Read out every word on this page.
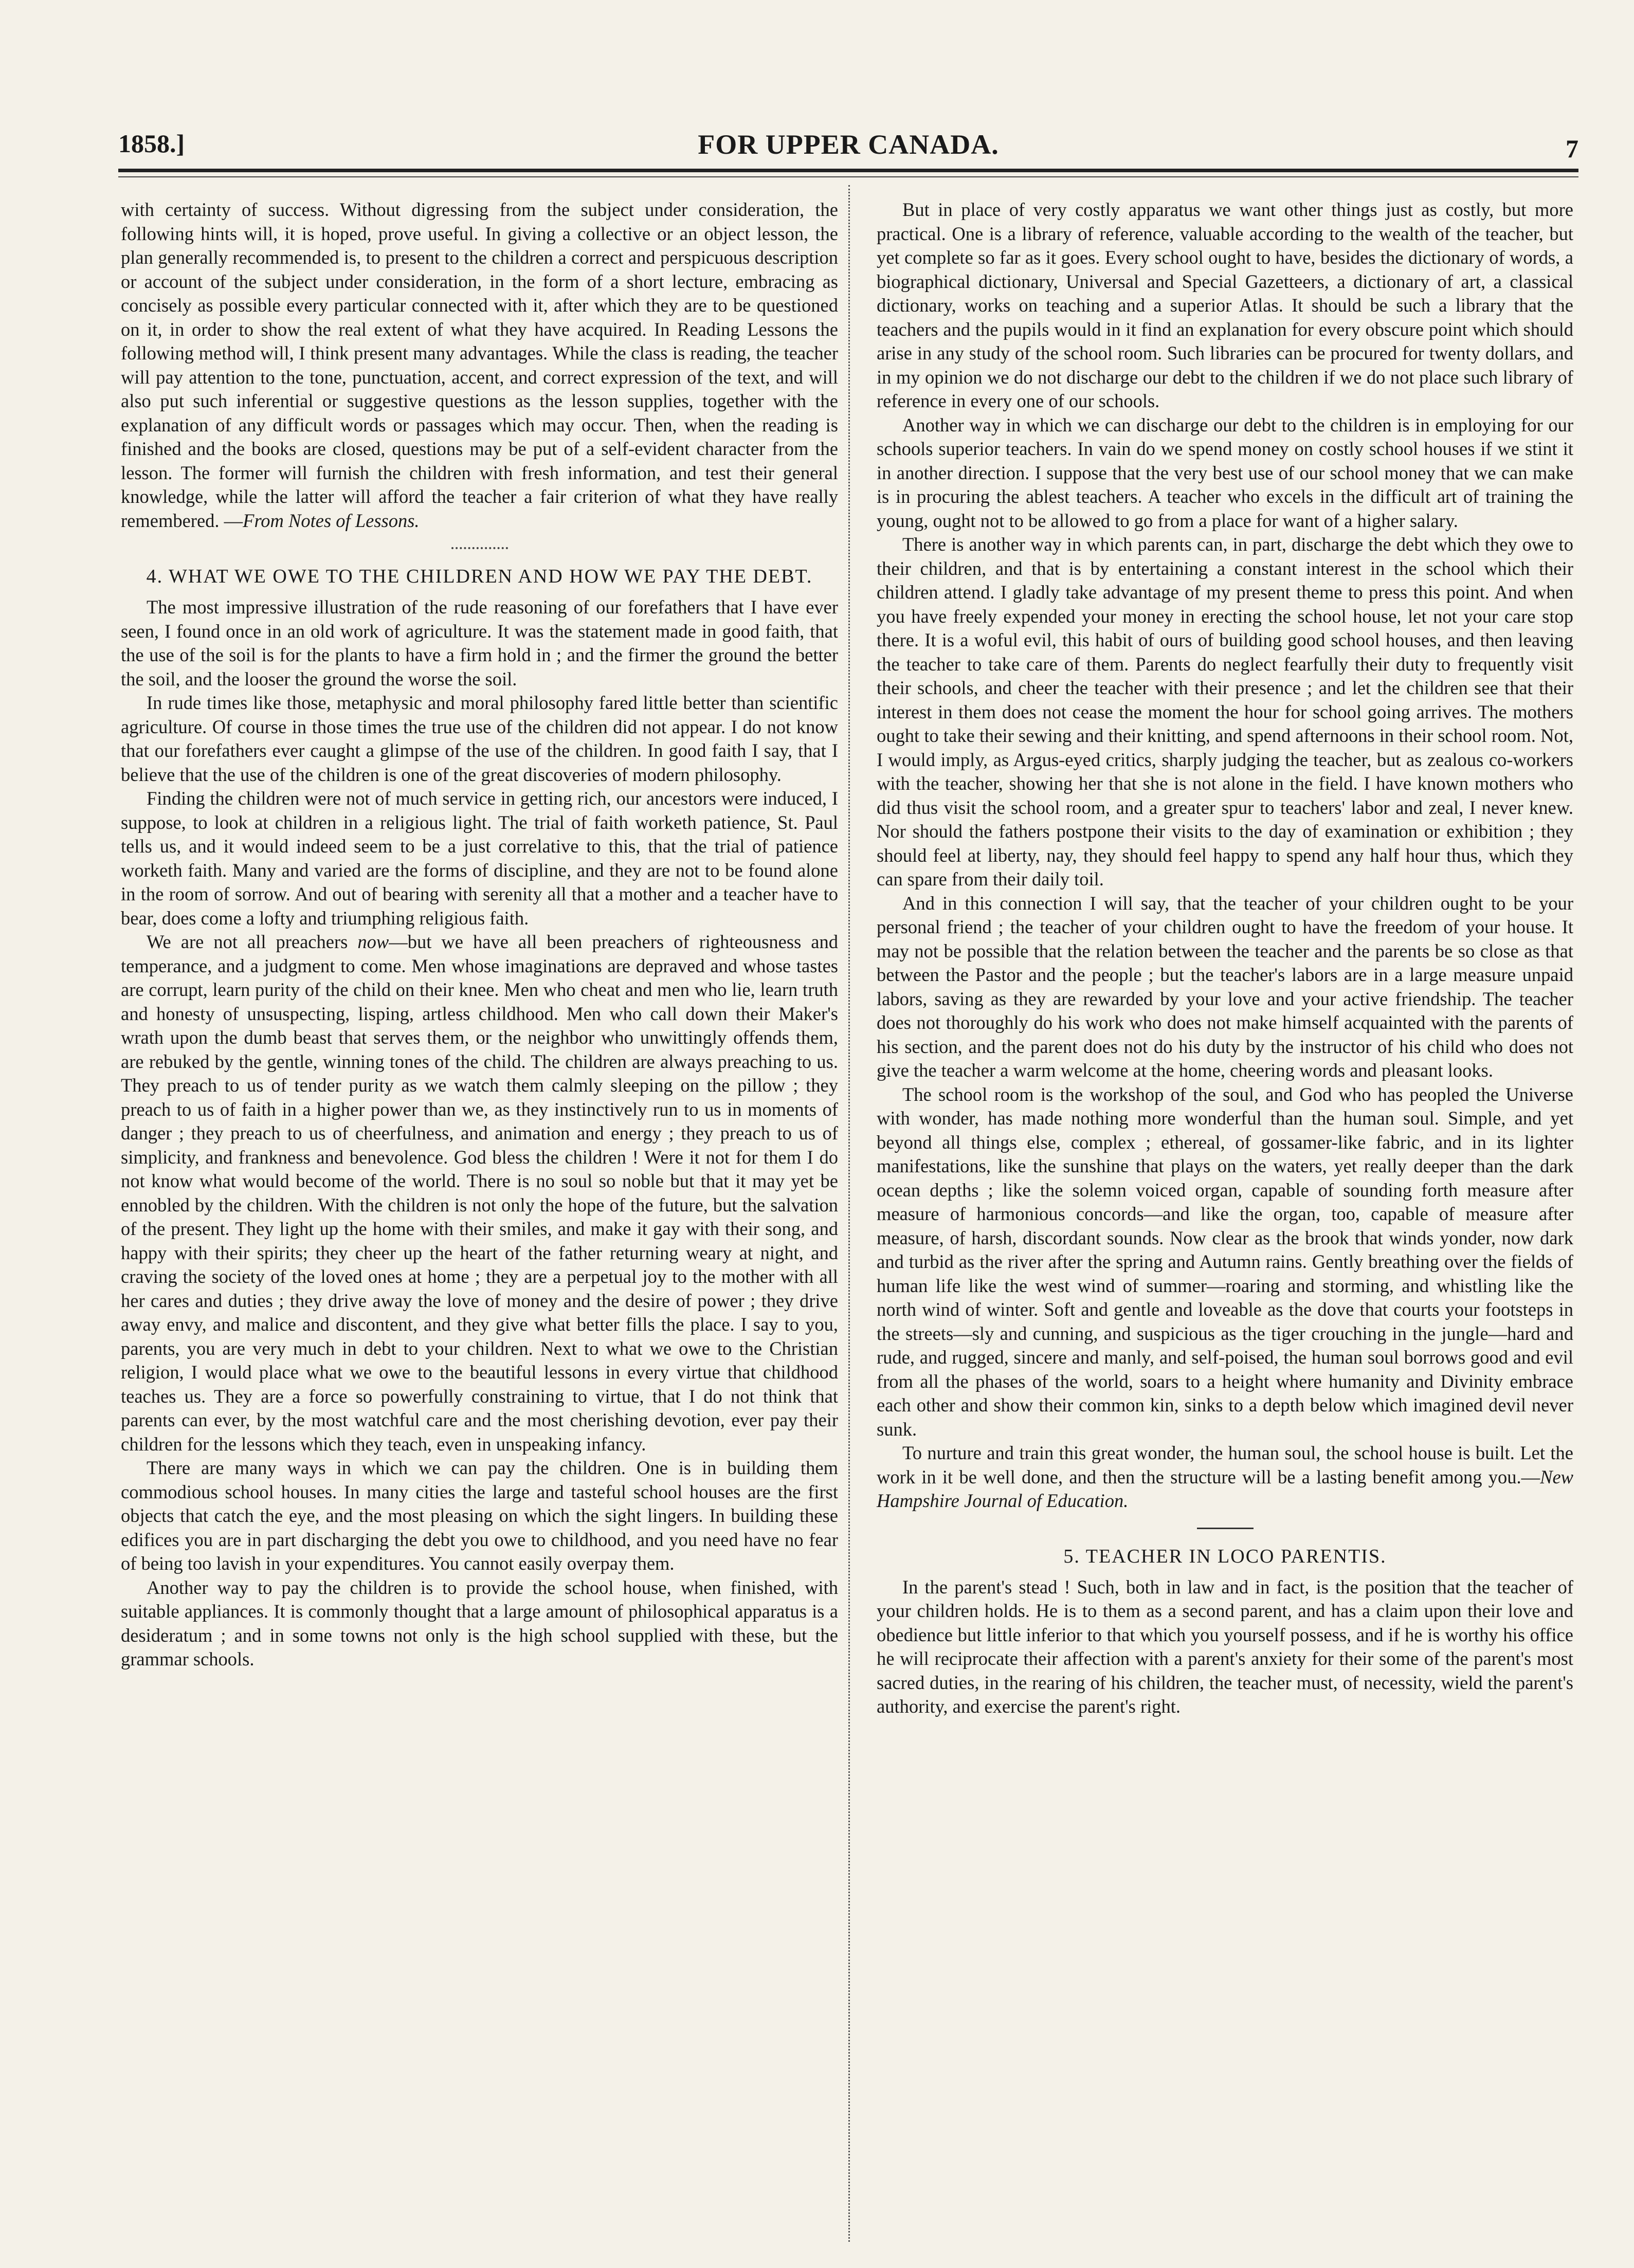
1858.]	FOR UPPER CANADA.	7

with certainty of success. Without digressing from the subject under consideration, the following hints will, it is hoped, prove useful. In giving a collective or an object lesson, the plan generally recommended is, to present to the children a correct and perspicuous description or account of the subject under consideration, in the form of a short lecture, embracing as concisely as possible every particular connected with it, after which they are to be questioned on it, in order to show the real extent of what they have acquired. In Reading Lessons the following method will, I think present many advantages. While the class is reading, the teacher will pay attention to the tone, punctuation, accent, and correct expression of the text, and will also put such inferential or suggestive questions as the lesson supplies, together with the explanation of any difficult words or passages which may occur. Then, when the reading is finished and the books are closed, questions may be put of a self-evident character from the lesson. The former will furnish the children with fresh information, and test their general knowledge, while the latter will afford the teacher a fair criterion of what they have really remembered. —From Notes of Lessons.

4. WHAT WE OWE TO THE CHILDREN AND HOW WE PAY THE DEBT.

The most impressive illustration of the rude reasoning of our forefathers that I have ever seen, I found once in an old work of agriculture. It was the statement made in good faith, that the use of the soil is for the plants to have a firm hold in ; and the firmer the ground the better the soil, and the looser the ground the worse the soil.

In rude times like those, metaphysic and moral philosophy fared little better than scientific agriculture. Of course in those times the true use of the children did not appear. I do not know that our forefathers ever caught a glimpse of the use of the children. In good faith I say, that I believe that the use of the children is one of the great discoveries of modern philosophy.

Finding the children were not of much service in getting rich, our ancestors were induced, I suppose, to look at children in a religious light. The trial of faith worketh patience, St. Paul tells us, and it would indeed seem to be a just correlative to this, that the trial of patience worketh faith. Many and varied are the forms of discipline, and they are not to be found alone in the room of sorrow. And out of bearing with serenity all that a mother and a teacher have to bear, does come a lofty and triumphing religious faith.

We are not all preachers now—but we have all been preachers of righteousness and temperance, and a judgment to come. Men whose imaginations are depraved and whose tastes are corrupt, learn purity of the child on their knee. Men who cheat and men who lie, learn truth and honesty of unsuspecting, lisping, artless childhood. Men who call down their Maker's wrath upon the dumb beast that serves them, or the neighbor who unwittingly offends them, are rebuked by the gentle, winning tones of the child. The children are always preaching to us. They preach to us of tender purity as we watch them calmly sleeping on the pillow ; they preach to us of faith in a higher power than we, as they instinctively run to us in moments of danger ; they preach to us of cheerfulness, and animation and energy ; they preach to us of simplicity, and frankness and benevolence. God bless the children ! Were it not for them I do not know what would become of the world. There is no soul so noble but that it may yet be ennobled by the children. With the children is not only the hope of the future, but the salvation of the present. They light up the home with their smiles, and make it gay with their song, and happy with their spirits; they cheer up the heart of the father returning weary at night, and craving the society of the loved ones at home ; they are a perpetual joy to the mother with all her cares and duties ; they drive away the love of money and the desire of power ; they drive away envy, and malice and discontent, and they give what better fills the place. I say to you, parents, you are very much in debt to your children. Next to what we owe to the Christian religion, I would place what we owe to the beautiful lessons in every virtue that childhood teaches us. They are a force so powerfully constraining to virtue, that I do not think that parents can ever, by the most watchful care and the most cherishing devotion, ever pay their children for the lessons which they teach, even in unspeaking infancy.

There are many ways in which we can pay the children. One is in building them commodious school houses. In many cities the large and tasteful school houses are the first objects that catch the eye, and the most pleasing on which the sight lingers. In building these edifices you are in part discharging the debt you owe to childhood, and you need have no fear of being too lavish in your expenditures. You cannot easily overpay them.

Another way to pay the children is to provide the school house, when finished, with suitable appliances. It is commonly thought that a large amount of philosophical apparatus is a desideratum ; and in some towns not only is the high school supplied with these, but the grammar schools.

But in place of very costly apparatus we want other things just as costly, but more practical. One is a library of reference, valuable according to the wealth of the teacher, but yet complete so far as it goes. Every school ought to have, besides the dictionary of words, a biographical dictionary, Universal and Special Gazetteers, a dictionary of art, a classical dictionary, works on teaching and a superior Atlas. It should be such a library that the teachers and the pupils would in it find an explanation for every obscure point which should arise in any study of the school room. Such libraries can be procured for twenty dollars, and in my opinion we do not discharge our debt to the children if we do not place such library of reference in every one of our schools.

Another way in which we can discharge our debt to the children is in employing for our schools superior teachers. In vain do we spend money on costly school houses if we stint it in another direction. I suppose that the very best use of our school money that we can make is in procuring the ablest teachers. A teacher who excels in the difficult art of training the young, ought not to be allowed to go from a place for want of a higher salary.

There is another way in which parents can, in part, discharge the debt which they owe to their children, and that is by entertaining a constant interest in the school which their children attend. I gladly take advantage of my present theme to press this point. And when you have freely expended your money in erecting the school house, let not your care stop there. It is a woful evil, this habit of ours of building good school houses, and then leaving the teacher to take care of them. Parents do neglect fearfully their duty to frequently visit their schools, and cheer the teacher with their presence ; and let the children see that their interest in them does not cease the moment the hour for school going arrives. The mothers ought to take their sewing and their knitting, and spend afternoons in their school room. Not, I would imply, as Argus-eyed critics, sharply judging the teacher, but as zealous co-workers with the teacher, showing her that she is not alone in the field. I have known mothers who did thus visit the school room, and a greater spur to teachers' labor and zeal, I never knew. Nor should the fathers postpone their visits to the day of examination or exhibition ; they should feel at liberty, nay, they should feel happy to spend any half hour thus, which they can spare from their daily toil.

And in this connection I will say, that the teacher of your children ought to be your personal friend ; the teacher of your children ought to have the freedom of your house. It may not be possible that the relation between the teacher and the parents be so close as that between the Pastor and the people ; but the teacher's labors are in a large measure unpaid labors, saving as they are rewarded by your love and your active friendship. The teacher does not thoroughly do his work who does not make himself acquainted with the parents of his section, and the parent does not do his duty by the instructor of his child who does not give the teacher a warm welcome at the home, cheering words and pleasant looks.

The school room is the workshop of the soul, and God who has peopled the Universe with wonder, has made nothing more wonderful than the human soul. Simple, and yet beyond all things else, complex ; ethereal, of gossamer-like fabric, and in its lighter manifestations, like the sunshine that plays on the waters, yet really deeper than the dark ocean depths ; like the solemn voiced organ, capable of sounding forth measure after measure of harmonious concords—and like the organ, too, capable of measure after measure, of harsh, discordant sounds. Now clear as the brook that winds yonder, now dark and turbid as the river after the spring and Autumn rains. Gently breathing over the fields of human life like the west wind of summer—roaring and storming, and whistling like the north wind of winter. Soft and gentle and loveable as the dove that courts your footsteps in the streets—sly and cunning, and suspicious as the tiger crouching in the jungle—hard and rude, and rugged, sincere and manly, and self-poised, the human soul borrows good and evil from all the phases of the world, soars to a height where humanity and Divinity embrace each other and show their common kin, sinks to a depth below which imagined devil never sunk.

To nurture and train this great wonder, the human soul, the school house is built. Let the work in it be well done, and then the structure will be a lasting benefit among you.—New Hampshire Journal of Education.

5. TEACHER IN LOCO PARENTIS.

In the parent's stead ! Such, both in law and in fact, is the position that the teacher of your children holds. He is to them as a second parent, and has a claim upon their love and obedience but little inferior to that which you yourself possess, and if he is worthy his office he will reciprocate their affection with a parent's anxiety for their some of the parent's most sacred duties, in the rearing of his children, the teacher must, of necessity, wield the parent's authority, and exercise the parent's right.
